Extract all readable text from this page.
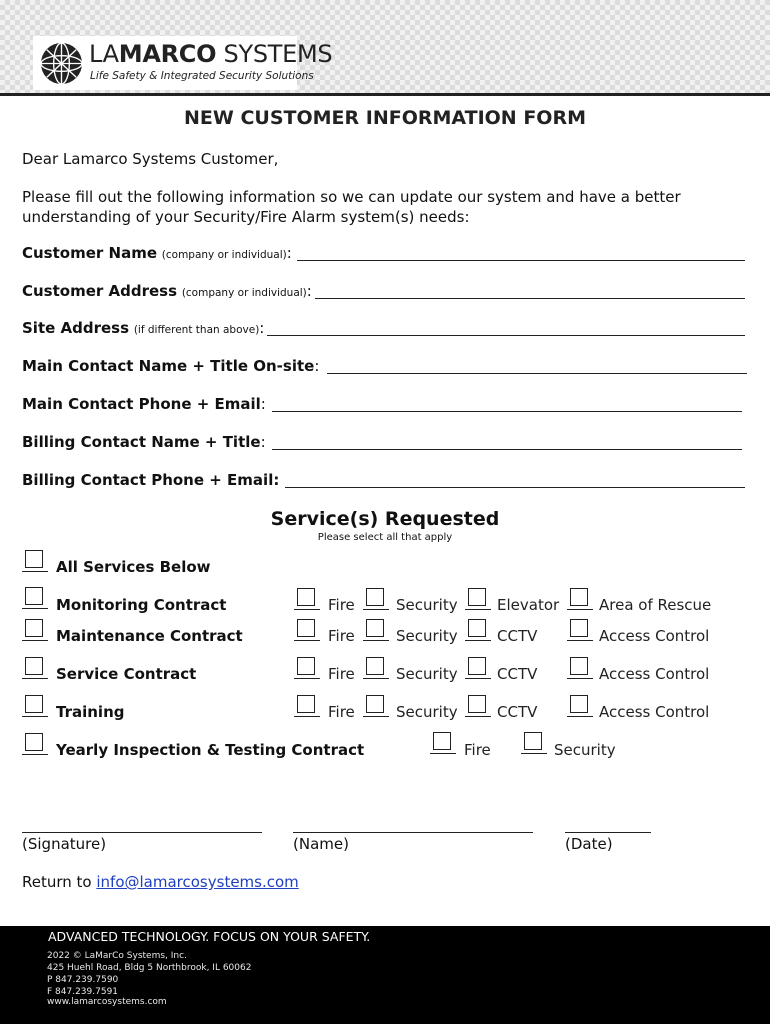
LAMARCO SYSTEMS
Life Safety & Integrated Security Solutions
NEW CUSTOMER INFORMATION FORM
Dear Lamarco Systems Customer,
Please fill out the following information so we can update our system and have a better understanding of your Security/Fire Alarm system(s) needs:
Customer Name (company or individual):
Customer Address (company or individual):
Site Address (if different than above):
Main Contact Name + Title On-site:
Main Contact Phone + Email:
Billing Contact Name + Title:
Billing Contact Phone + Email:
Service(s) Requested
Please select all that apply
All Services Below
Monitoring Contract	Fire	Security	Elevator	Area of Rescue
Maintenance Contract	Fire	Security	CCTV	Access Control
Service Contract	Fire	Security	CCTV	Access Control
Training	Fire	Security	CCTV	Access Control
Yearly Inspection & Testing Contract	Fire	Security
(Signature)	(Name)	(Date)
Return to info@lamarcosystems.com
ADVANCED TECHNOLOGY. FOCUS ON YOUR SAFETY.
2022 © LaMarCo Systems, Inc.
425 Huehl Road, Bldg 5 Northbrook, IL 60062
P 847.239.7590
F 847.239.7591
www.lamarcosystems.com
